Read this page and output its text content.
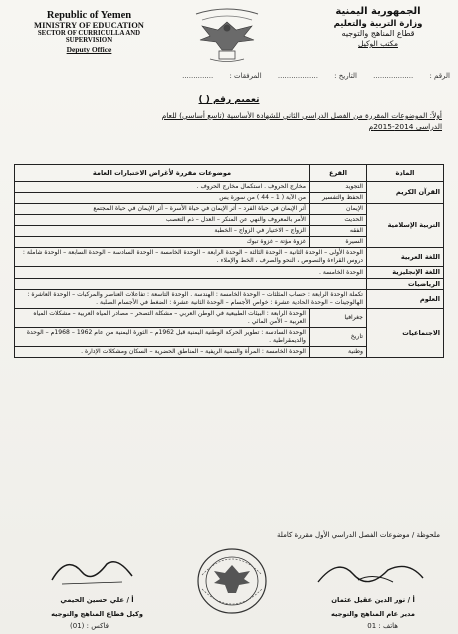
Republic of Yemen
MINISTRY OF EDUCATION
SECTOR OF CURRICULLA AND
SUPERVISION
Deputy Office
الجمهورية اليمنية
وزارة التربية والتعليم
قطاع المناهج والتوجيه
مكتب الوكيل
الرقم : .................. التاريخ : .................. المرفقات : ..............
تعميم رقم ( )
أولاً: الموضوعات المقررة من الفصل الدراسي الثاني للشهادة الأساسية (تاسع أساسي) للعام
الدراسي 2014-2015م
المادة	الفرع	موضوعات مقررة لأغراض الاختبارات العامة
القرآن الكريم	التجويد	مخارج الحروف . استكمال مخارج الحروف .
	الحفظ والتفسير	من الآية ( 1 – 44 ) من سورة يس
التربية الإسلامية	الإيمان	أثر الإيمان في حياة الفرد – أثر الإيمان في حياة الأسرة – أثر الإيمان في حياة المجتمع
	الحديث	الأمر بالمعروف والنهي عن المنكر – العدل – ذم التعصب
	الفقه	الزواج – الاختيار في الزواج – الخطبة
	السيرة	غزوة مؤتة – غزوة تبوك
اللغة العربية	الوحدة الأولى – الوحدة الثانية – الوحدة الثالثة – الوحدة الرابعة – الوحدة الخامسة – الوحدة السادسة – الوحدة السابعة – الوحدة شاملة : دروس القراءة والنصوص ، النحو والصرف ، الخط والإملاء .	
اللغة الإنجليزية	الوحدة الخامسة .	
الرياضيات		
العلوم	تكملة الوحدة الرابعة : حساب المثلثات – الوحدة الخامسة : الهندسة . الوحدة التاسعة : تفاعلات العناصر والمركبات – الوحدة العاشرة : الهالوجينات – الوحدة الحادية عشرة : خواص الأجسام – الوحدة الثانية عشرة : الضغط في الأجسام الصلبة .	
الاجتماعيات	جغرافيا	الوحدة الرابعة : البيئات الطبيعية في الوطن العربي – مشكلة التصحر – مصادر المياه العربية – مشكلات المياه العربية – الأمن المائي .
	تاريخ	الوحدة السادسة : تطوير الحركة الوطنية اليمنية قبل 1962م – الثورة اليمنية من عام 1962 – 1968م – الوحدة والديمقراطية .
	وطنية	الوحدة الخامسة : المرأة والتنمية الريفية – المناطق الحضرية – السكان ومشكلات الإدارة .
ملحوظة / موضوعات الفصل الدراسي الأول مقررة كاملة
أ / نور الدين عقيل عثمان
مدير عام المناهج والتوجيه
أ / علي حسين الحيمي
وكيل قطاع المناهج والتوجيه
هاتف : 01
فاكس : (01)
